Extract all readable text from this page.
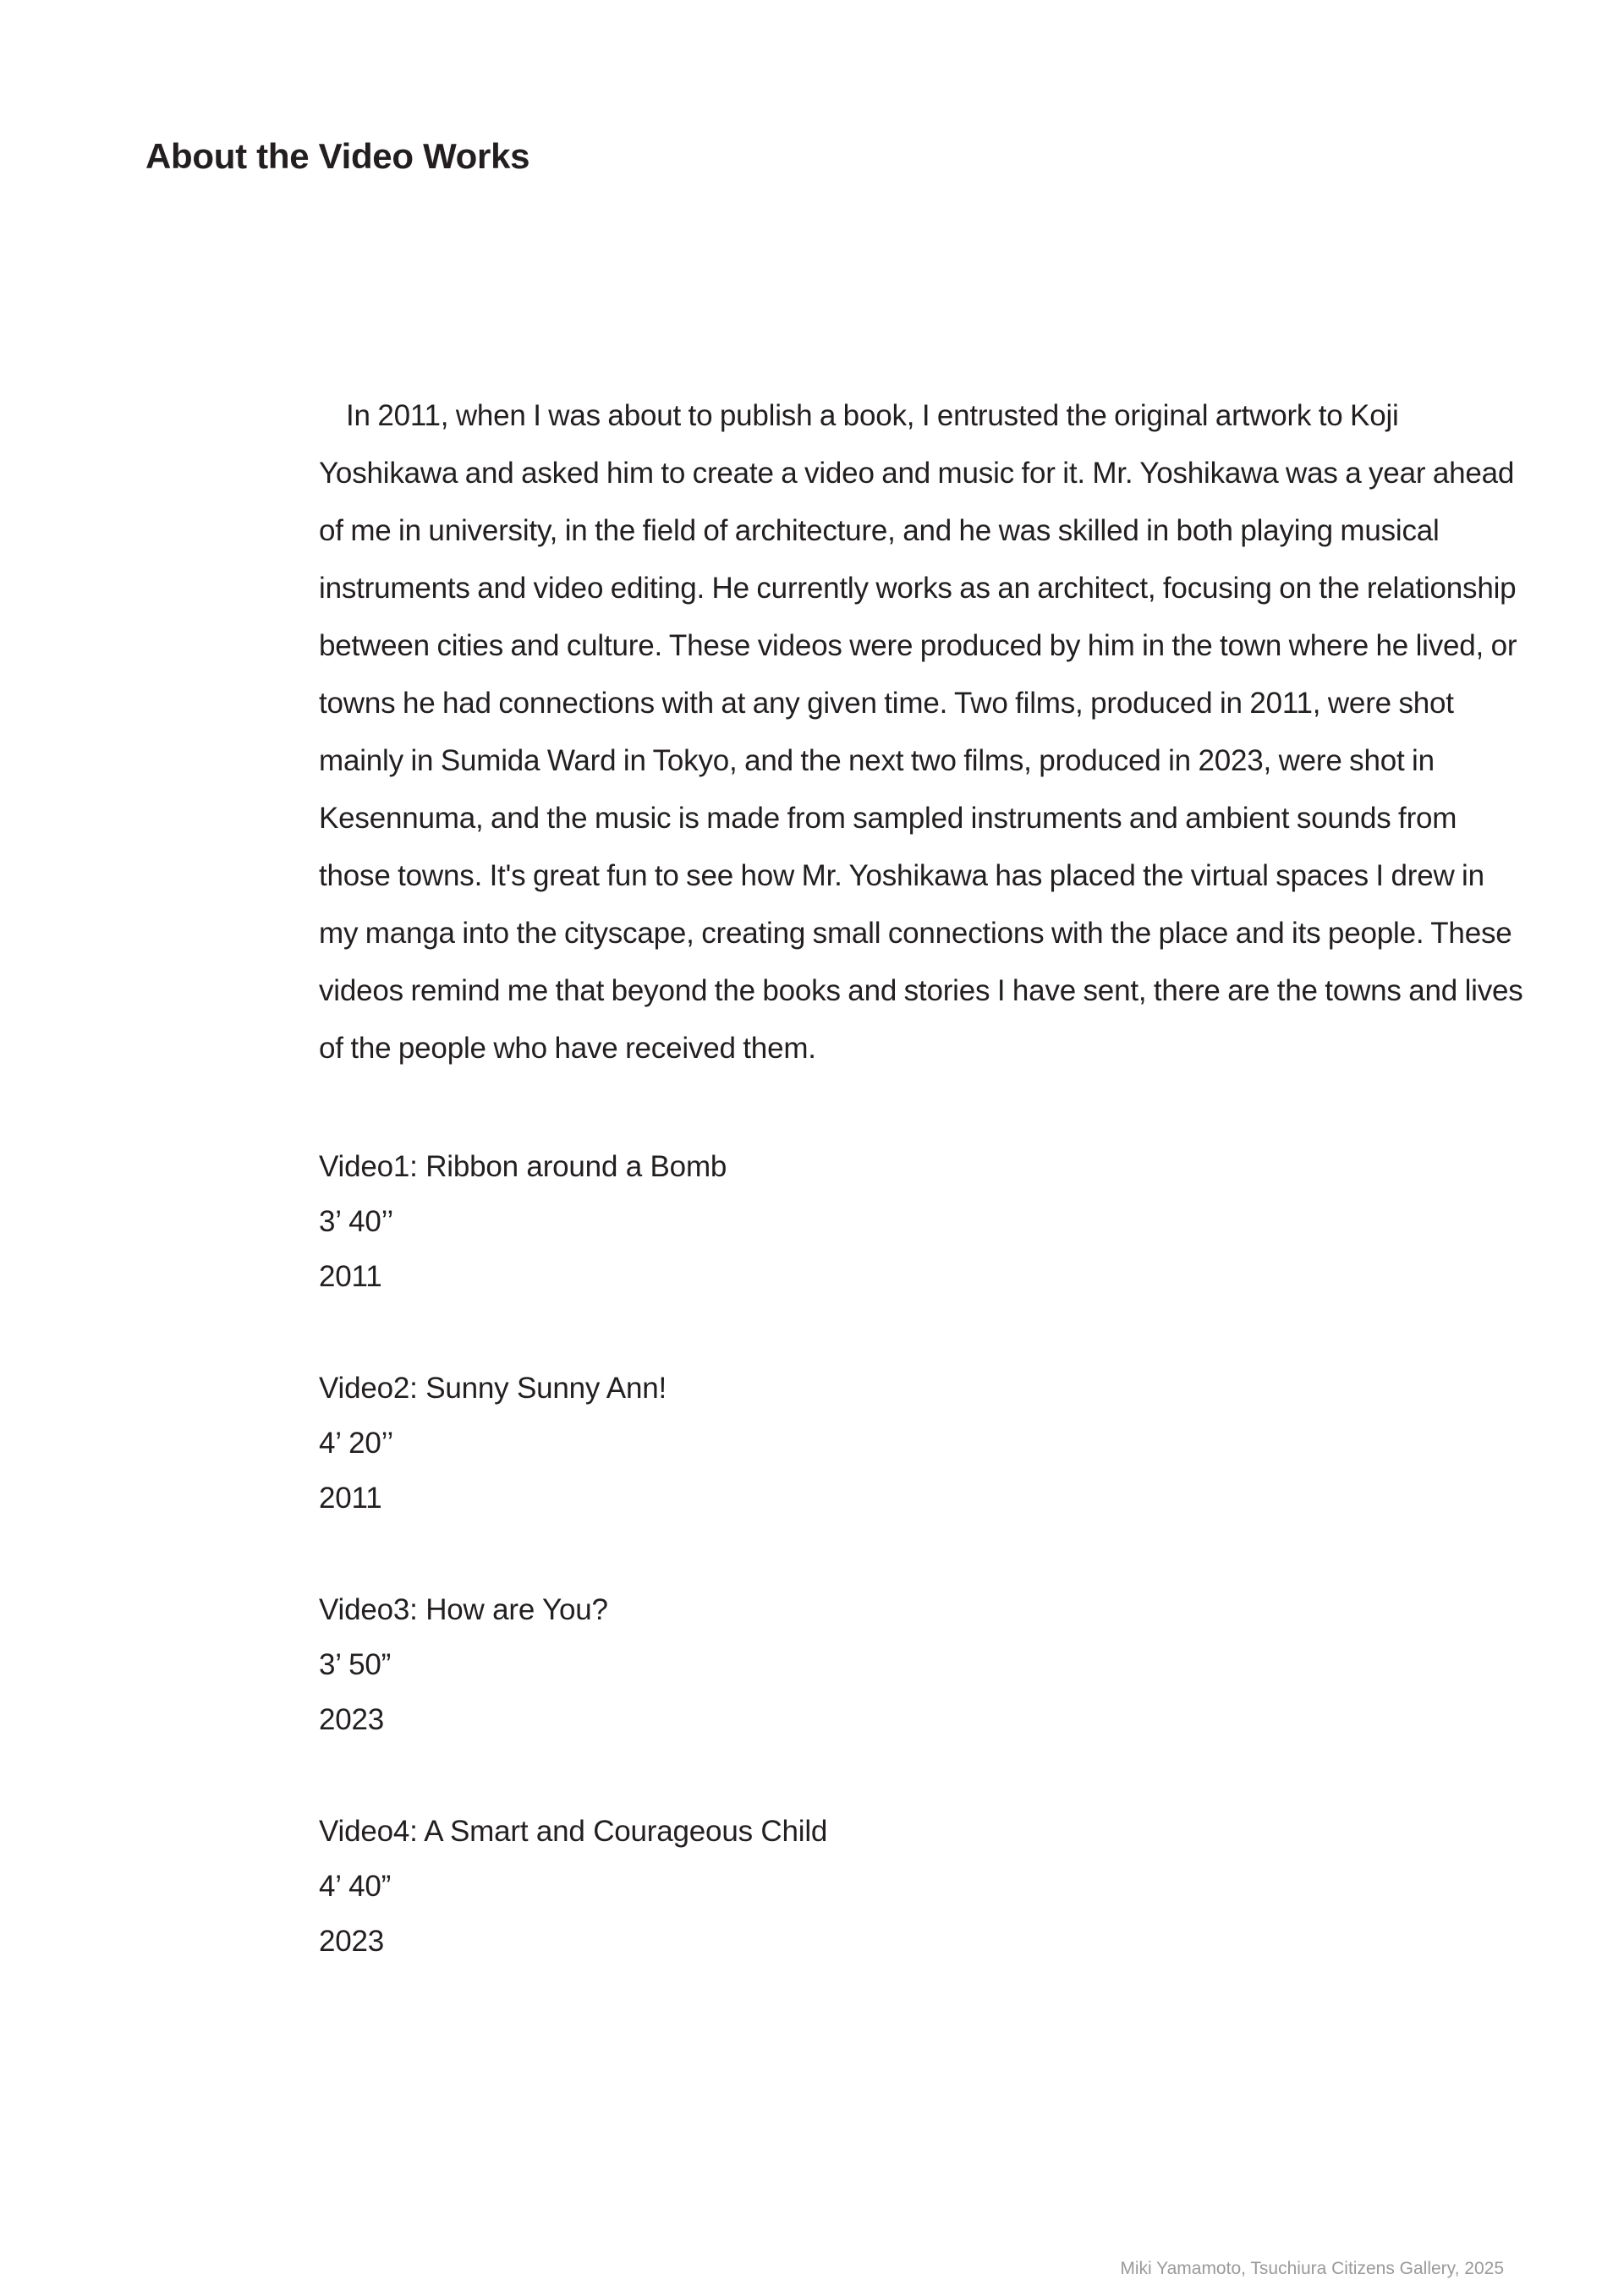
About the Video Works

In 2011, when I was about to publish a book, I entrusted the original artwork to Koji Yoshikawa and asked him to create a video and music for it. Mr. Yoshikawa was a year ahead of me in university, in the field of architecture, and he was skilled in both playing musical instruments and video editing. He currently works as an architect, focusing on the relationship between cities and culture. These videos were produced by him in the town where he lived, or towns he had connections with at any given time. Two films, produced in 2011, were shot mainly in Sumida Ward in Tokyo, and the next two films, produced in 2023, were shot in Kesennuma, and the music is made from sampled instruments and ambient sounds from those towns. It's great fun to see how Mr. Yoshikawa has placed the virtual spaces I drew in my manga into the cityscape, creating small connections with the place and its people. These videos remind me that beyond the books and stories I have sent, there are the towns and lives of the people who have received them.

Video1: Ribbon around a Bomb
3’ 40’’
2011
Video2: Sunny Sunny Ann!
4’ 20’’
2011
Video3: How are You?
3’ 50”
2023
Video4: A Smart and Courageous Child
4’ 40”
2023
Miki Yamamoto, Tsuchiura Citizens Gallery, 2025
